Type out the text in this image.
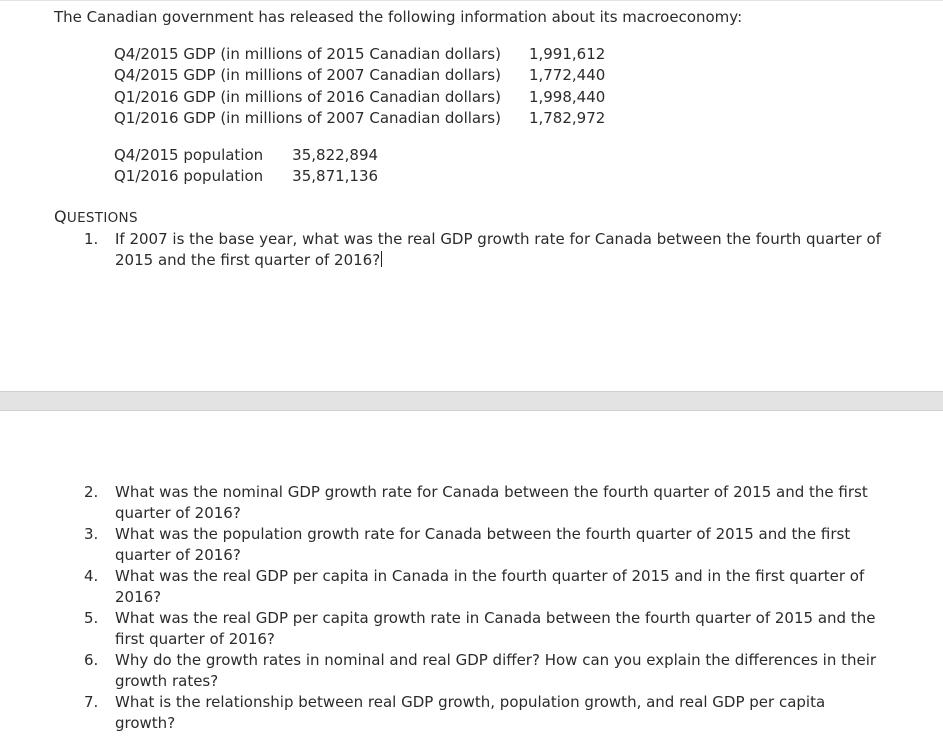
The Canadian government has released the following information about its macroeconomy:
Q4/2015 GDP (in millions of 2015 Canadian dollars)	1,991,612
Q4/2015 GDP (in millions of 2007 Canadian dollars)	1,772,440
Q1/2016 GDP (in millions of 2016 Canadian dollars)	1,998,440
Q1/2016 GDP (in millions of 2007 Canadian dollars)	1,782,972
Q4/2015 population	35,822,894
Q1/2016 population	35,871,136
QUESTIONS
1. If 2007 is the base year, what was the real GDP growth rate for Canada between the fourth quarter of 2015 and the first quarter of 2016?
2. What was the nominal GDP growth rate for Canada between the fourth quarter of 2015 and the first quarter of 2016?
3. What was the population growth rate for Canada between the fourth quarter of 2015 and the first quarter of 2016?
4. What was the real GDP per capita in Canada in the fourth quarter of 2015 and in the first quarter of 2016?
5. What was the real GDP per capita growth rate in Canada between the fourth quarter of 2015 and the first quarter of 2016?
6. Why do the growth rates in nominal and real GDP differ? How can you explain the differences in their growth rates?
7. What is the relationship between real GDP growth, population growth, and real GDP per capita growth?
